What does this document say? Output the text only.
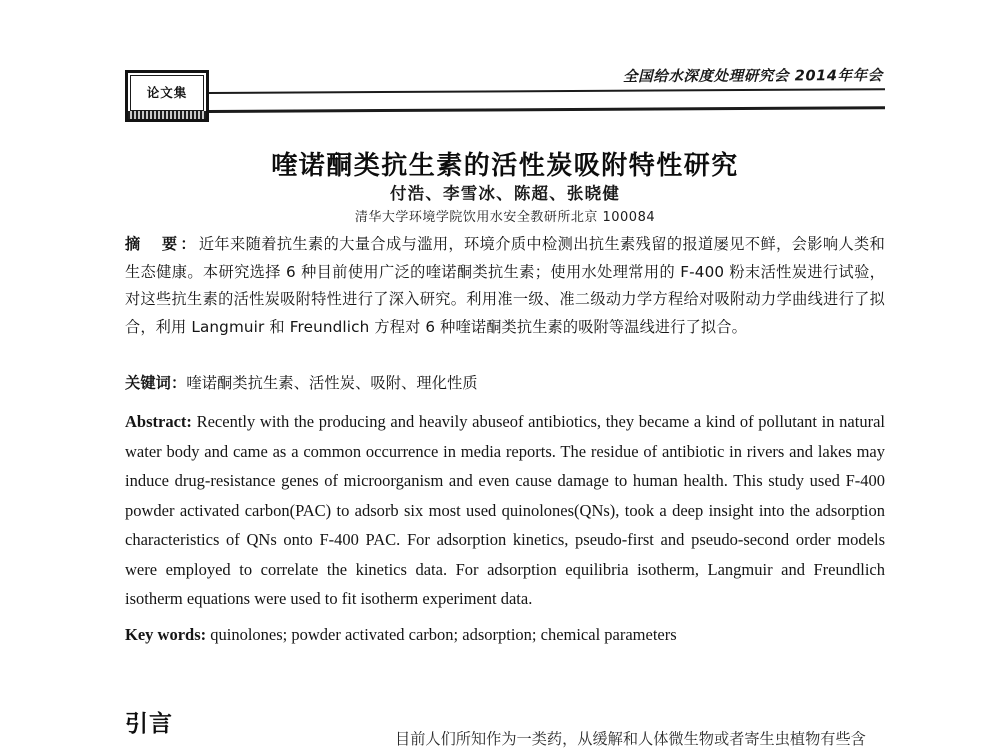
全国给水深度处理研究会 2014年年会
论文集
喹诺酮类抗生素的活性炭吸附特性研究
付浩、李雪冰、陈超、张晓健
清华大学环境学院饮用水安全教研所北京 100084
摘　要：近年来随着抗生素的大量合成与滥用，环境介质中检测出抗生素残留的报道屡见不鲜，会影响人类和生态健康。本研究选择 6 种目前使用广泛的喹诺酮类抗生素；使用水处理常用的 F-400 粉末活性炭进行试验，对这些抗生素的活性炭吸附特性进行了深入研究。利用准一级、准二级动力学方程给对吸附动力学曲线进行了拟合，利用 Langmuir 和 Freundlich 方程对 6 种喹诺酮类抗生素的吸附等温线进行了拟合。
关键词：喹诺酮类抗生素、活性炭、吸附、理化性质
Abstract: Recently with the producing and heavily abuseof antibiotics, they became a kind of pollutant in natural water body and came as a common occurrence in media reports. The residue of antibiotic in rivers and lakes may induce drug-resistance genes of microorganism and even cause damage to human health. This study used F-400 powder activated carbon(PAC) to adsorb six most used quinolones(QNs), took a deep insight into the adsorption characteristics of QNs onto F-400 PAC. For adsorption kinetics, pseudo-first and pseudo-second order models were employed to correlate the kinetics data. For adsorption equilibria isotherm, Langmuir and Freundlich isotherm equations were used to fit isotherm experiment data.
Key words: quinolones; powder activated carbon; adsorption; chemical parameters
引言
目前人们所知作为一类药，从缓解和人体微生物或者寄生虫植物有些含
